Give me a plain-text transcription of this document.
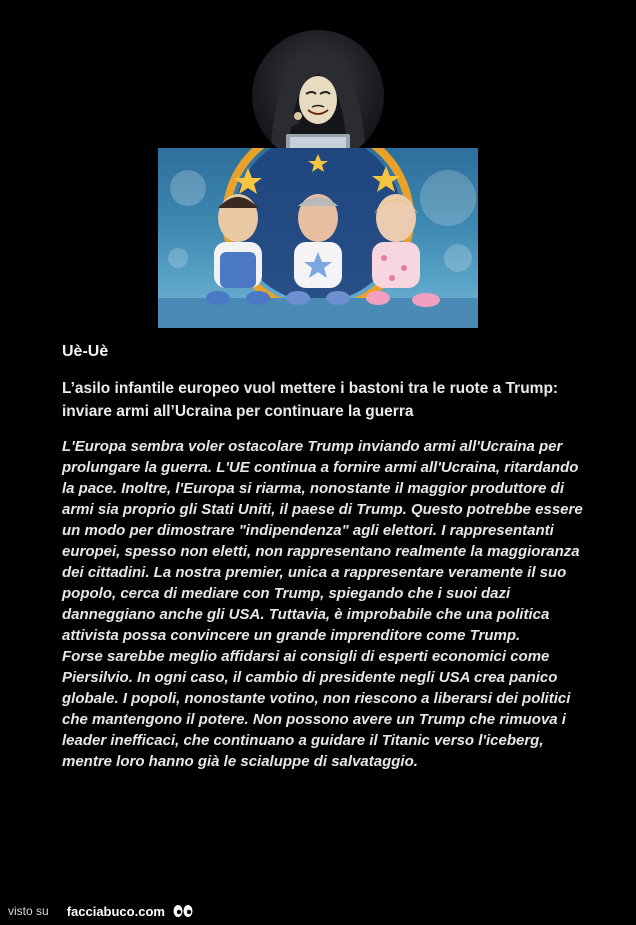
Uè-Uè
L’asilo infantile europeo vuol mettere i bastoni tra le ruote a Trump: inviare armi all’Ucraina per continuare la guerra

L'Europa sembra voler ostacolare Trump inviando armi all'Ucraina per prolungare la guerra. L'UE continua a fornire armi all'Ucraina, ritardando la pace. Inoltre, l'Europa si riarma, nonostante il maggior produttore di armi sia proprio gli Stati Uniti, il paese di Trump. Questo potrebbe essere un modo per dimostrare "indipendenza" agli elettori. I rappresentanti europei, spesso non eletti, non rappresentano realmente la maggioranza dei cittadini. La nostra premier, unica a rappresentare veramente il suo popolo, cerca di mediare con Trump, spiegando che i suoi dazi danneggiano anche gli USA. Tuttavia, è improbabile che una politica attivista possa convincere un grande imprenditore come Trump.

Forse sarebbe meglio affidarsi ai consigli di esperti economici come Piersilvio. In ogni caso, il cambio di presidente negli USA crea panico globale. I popoli, nonostante votino, non riescono a liberarsi dei politici che mantengono il potere. Non possono avere un Trump che rimuova i leader inefficaci, che continuano a guidare il Titanic verso l'iceberg, mentre loro hanno già le scialuppe di salvataggio.

visto su facciabuco.com
